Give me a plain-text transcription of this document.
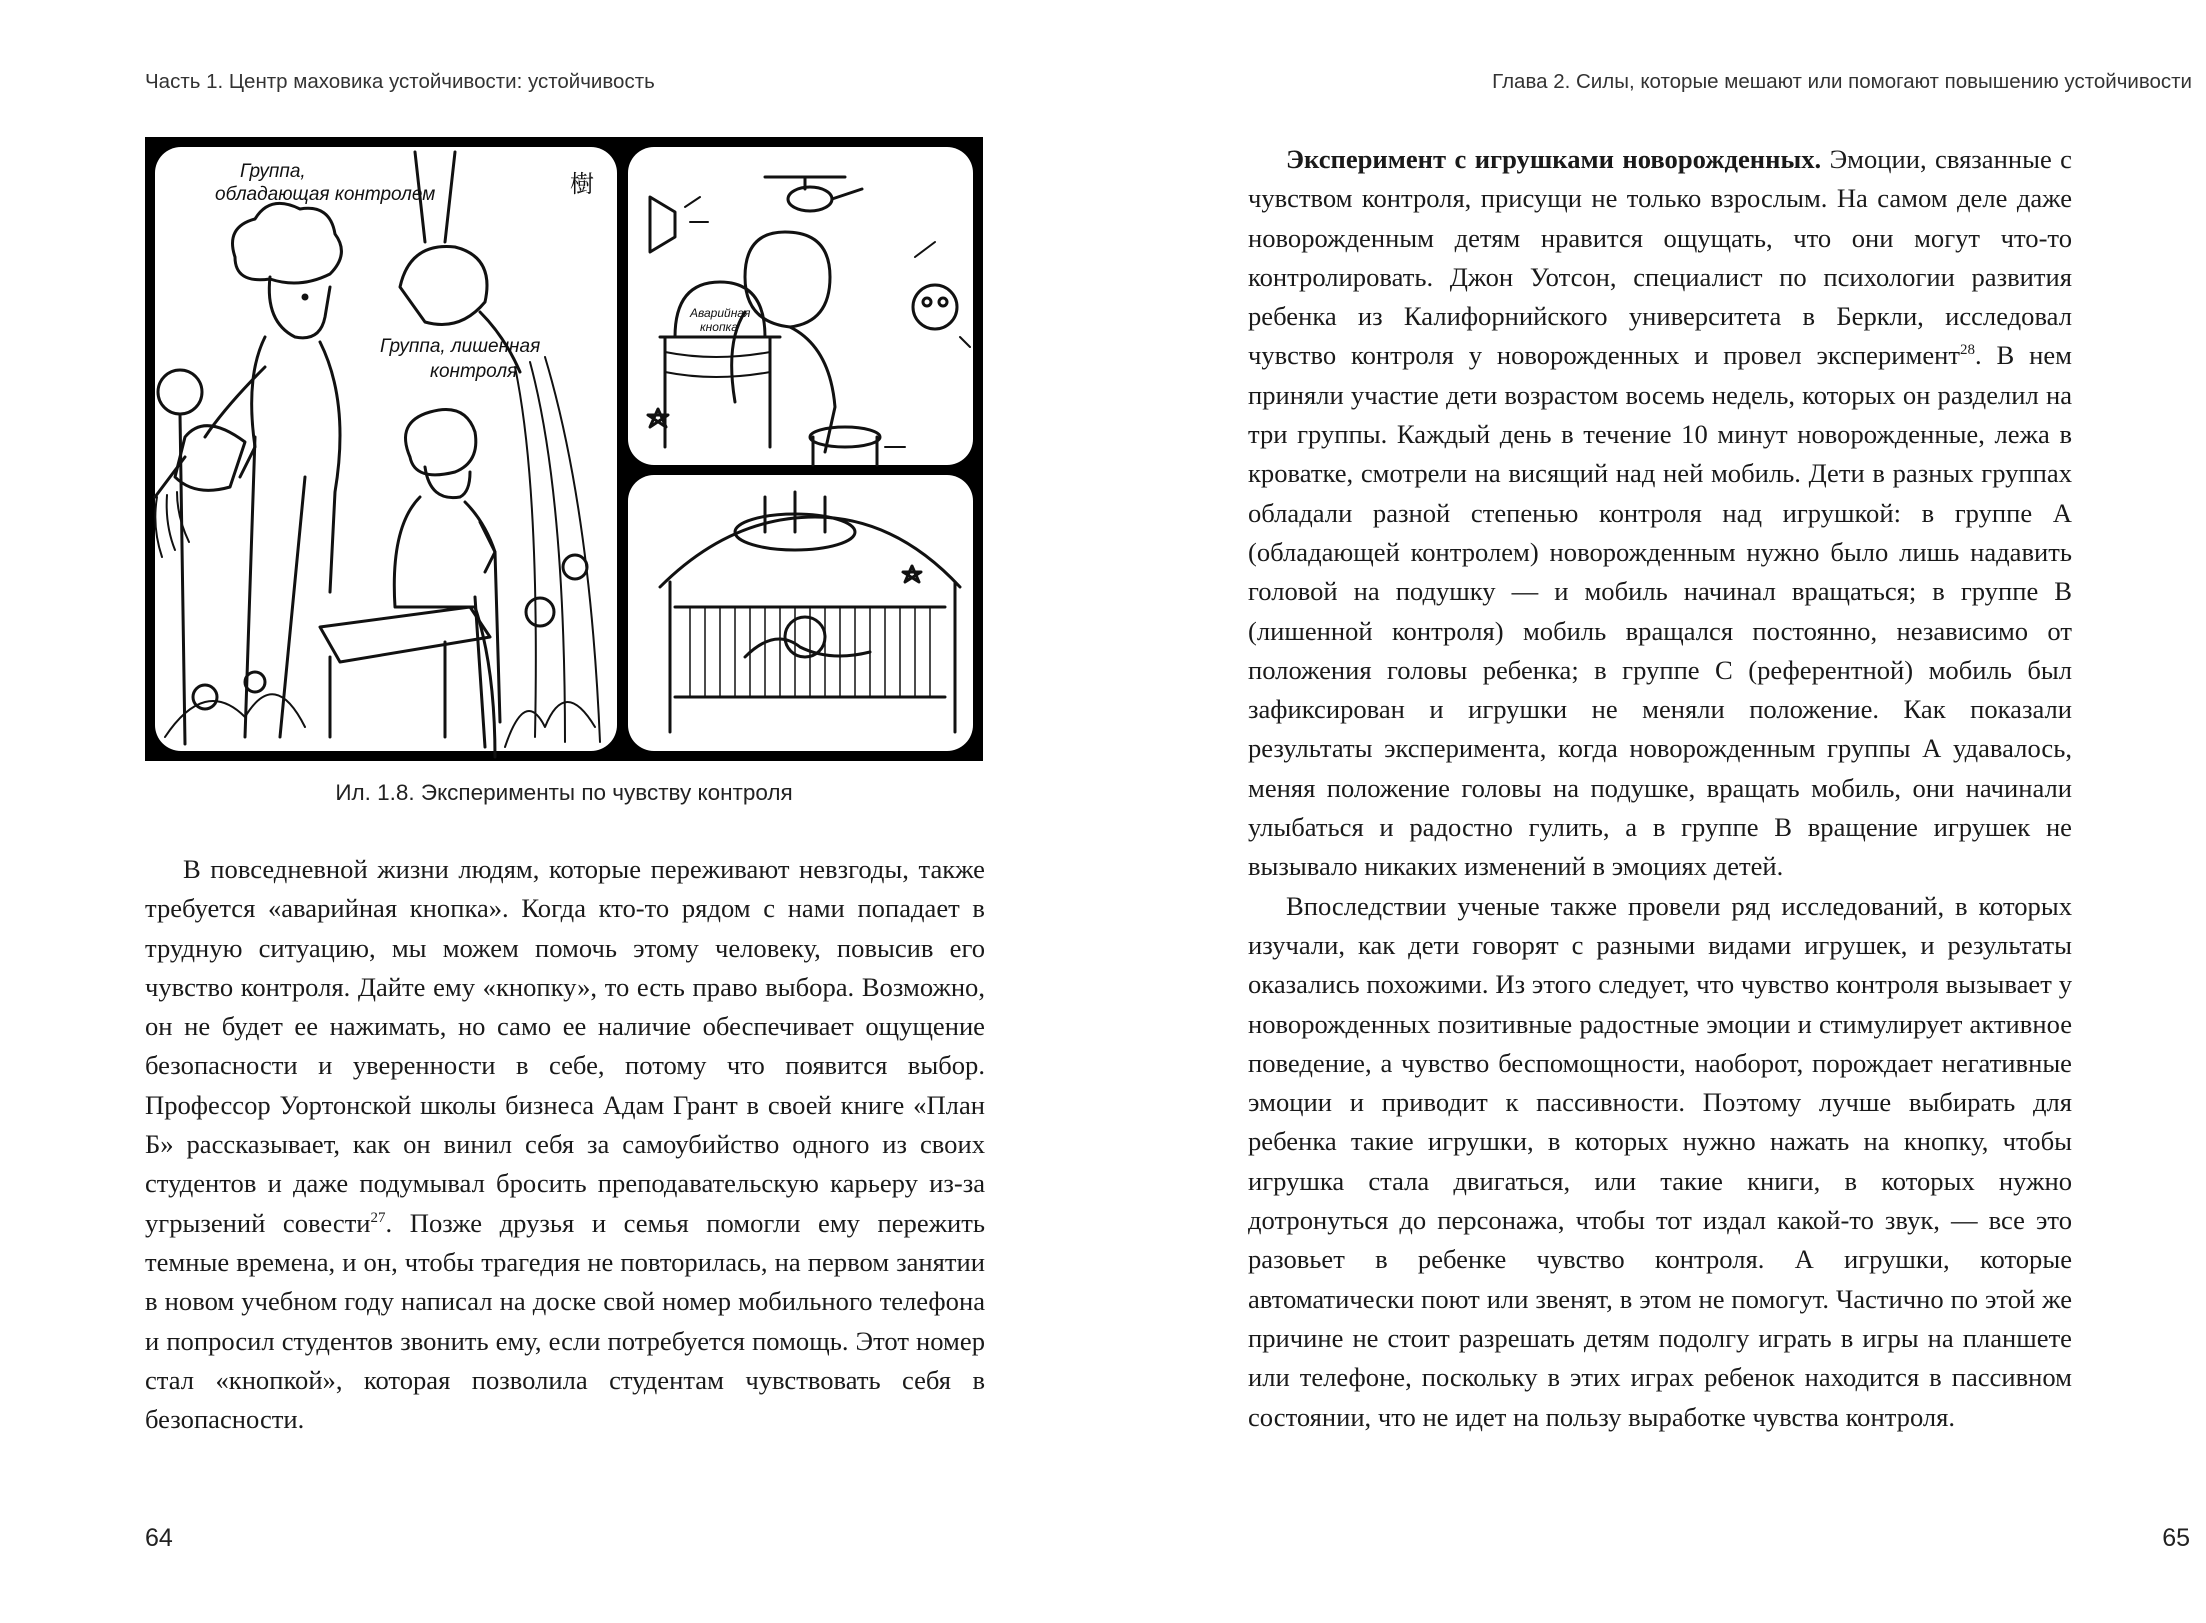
Часть 1. Центр маховика устойчивости: устойчивость
Группа,
обладающая контролем
Группа, лишенная
контроля
Аварийная
кнопка
樹
Ил. 1.8. Эксперименты по чувству контроля

В повседневной жизни людям, которые переживают невзгоды, также требуется «аварийная кнопка». Когда кто-то рядом с нами попадает в трудную ситуацию, мы можем помочь этому человеку, повысив его чувство контроля. Дайте ему «кнопку», то есть право выбора. Возможно, он не будет ее нажимать, но само ее наличие обеспечивает ощущение безопасности и уверенности в себе, потому что появится выбор. Профессор Уортонской школы бизнеса Адам Грант в своей книге «План Б» рассказывает, как он винил себя за самоубийство одного из своих студентов и даже подумывал бросить преподавательскую карьеру из-за угрызений совести$^{27}$. Позже друзья и семья помогли ему пережить темные времена, и он, чтобы трагедия не повторилась, на первом занятии в новом учебном году написал на доске свой номер мобильного телефона и попросил студентов звонить ему, если потребуется помощь. Этот номер стал «кнопкой», которая позволила студентам чувствовать себя в безопасности.

64
Глава 2. Силы, которые мешают или помогают повышению устойчивости

Эксперимент с игрушками новорожденных. Эмоции, связанные с чувством контроля, присущи не только взрослым. На самом деле даже новорожденным детям нравится ощущать, что они могут что-то контролировать. Джон Уотсон, специалист по психологии развития ребенка из Калифорнийского университета в Беркли, исследовал чувство контроля у новорожденных и провел эксперимент$^{28}$. В нем приняли участие дети возрастом восемь недель, которых он разделил на три группы. Каждый день в течение 10 минут новорожденные, лежа в кроватке, смотрели на висящий над ней мобиль. Дети в разных группах обладали разной степенью контроля над игрушкой: в группе А (обладающей контролем) новорожденным нужно было лишь надавить головой на подушку — и мобиль начинал вращаться; в группе В (лишенной контроля) мобиль вращался постоянно, независимо от положения головы ребенка; в группе С (референтной) мобиль был зафиксирован и игрушки не меняли положение. Как показали результаты эксперимента, когда новорожденным группы А удавалось, меняя положение головы на подушке, вращать мобиль, они начинали улыбаться и радостно гулить, а в группе В вращение игрушек не вызывало никаких изменений в эмоциях детей.

Впоследствии ученые также провели ряд исследований, в которых изучали, как дети говорят с разными видами игрушек, и результаты оказались похожими. Из этого следует, что чувство контроля вызывает у новорожденных позитивные радостные эмоции и стимулирует активное поведение, а чувство беспомощности, наоборот, порождает негативные эмоции и приводит к пассивности. Поэтому лучше выбирать для ребенка такие игрушки, в которых нужно нажать на кнопку, чтобы игрушка стала двигаться, или такие книги, в которых нужно дотронуться до персонажа, чтобы тот издал какой-то звук, — все это разовьет в ребенке чувство контроля. А игрушки, которые автоматически поют или звенят, в этом не помогут. Частично по этой же причине не стоит разрешать детям подолгу играть в игры на планшете или телефоне, поскольку в этих играх ребенок находится в пассивном состоянии, что не идет на пользу выработке чувства контроля.

65
